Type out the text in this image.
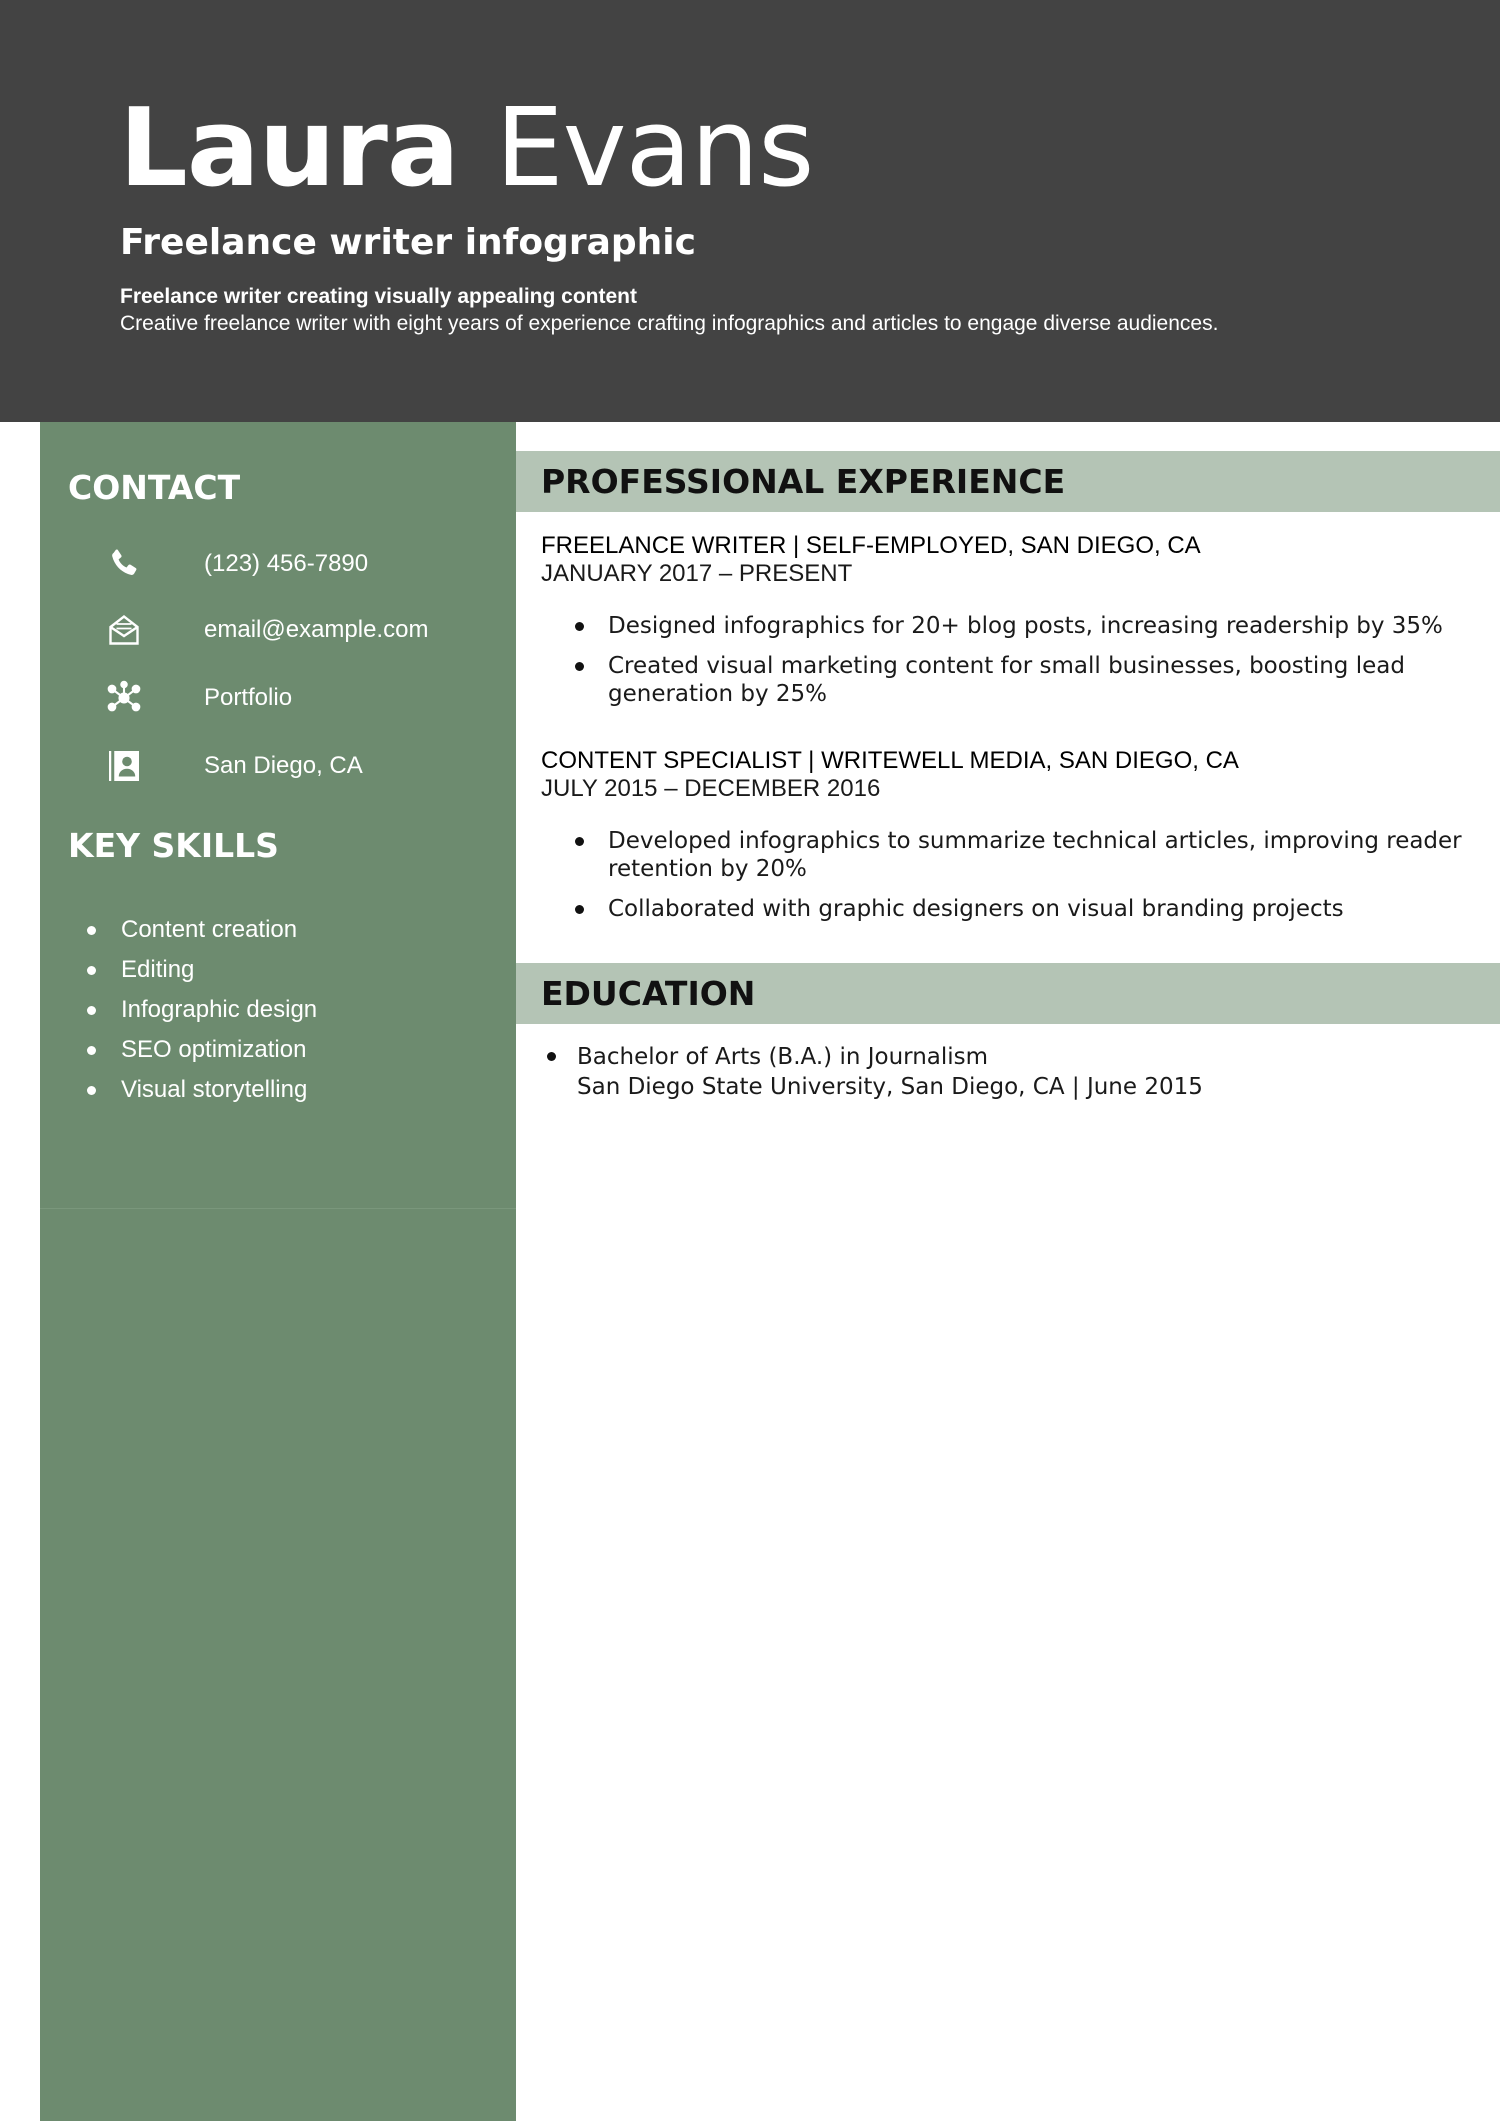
Laura Evans
Freelance writer infographic
Freelance writer creating visually appealing content
Creative freelance writer with eight years of experience crafting infographics and articles to engage diverse audiences.
CONTACT
(123) 456-7890
email@example.com
Portfolio
San Diego, CA
KEY SKILLS
Content creation
Editing
Infographic design
SEO optimization
Visual storytelling
PROFESSIONAL EXPERIENCE
FREELANCE WRITER | SELF-EMPLOYED, SAN DIEGO, CA
JANUARY 2017 – PRESENT
Designed infographics for 20+ blog posts, increasing readership by 35%
Created visual marketing content for small businesses, boosting lead generation by 25%
CONTENT SPECIALIST | WRITEWELL MEDIA, SAN DIEGO, CA
JULY 2015 – DECEMBER 2016
Developed infographics to summarize technical articles, improving reader retention by 20%
Collaborated with graphic designers on visual branding projects
EDUCATION
Bachelor of Arts (B.A.) in Journalism
San Diego State University, San Diego, CA | June 2015
